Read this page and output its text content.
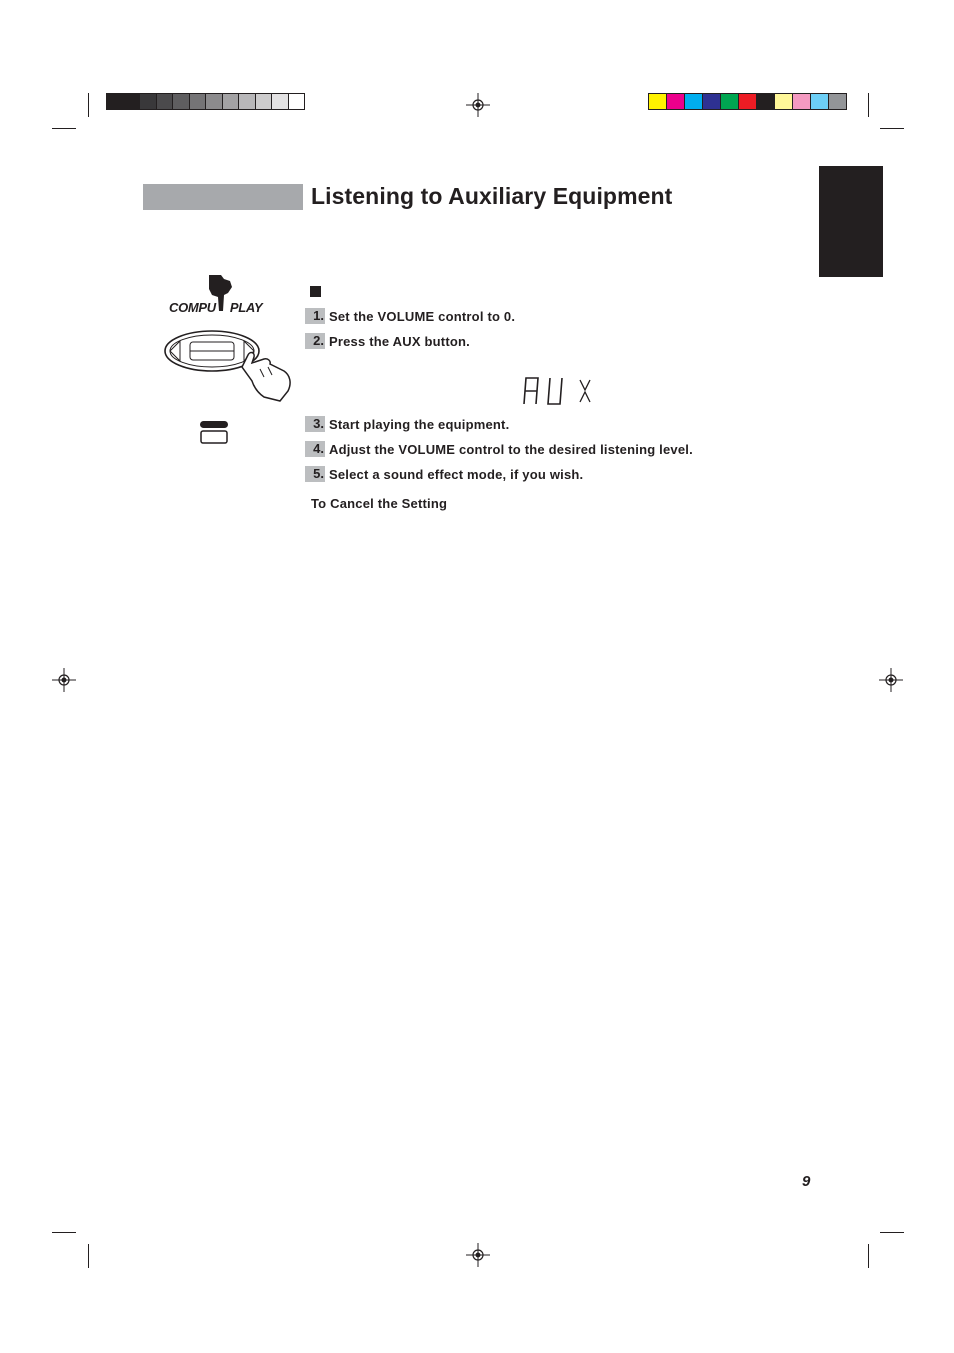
Listening to Auxiliary Equipment
COMPU PLAY
1. Set the VOLUME control to 0.
2. Press the AUX button.
3. Start playing the equipment.
4. Adjust the VOLUME control to the desired listening level.
5. Select a sound effect mode, if you wish.
To Cancel the Setting
9
